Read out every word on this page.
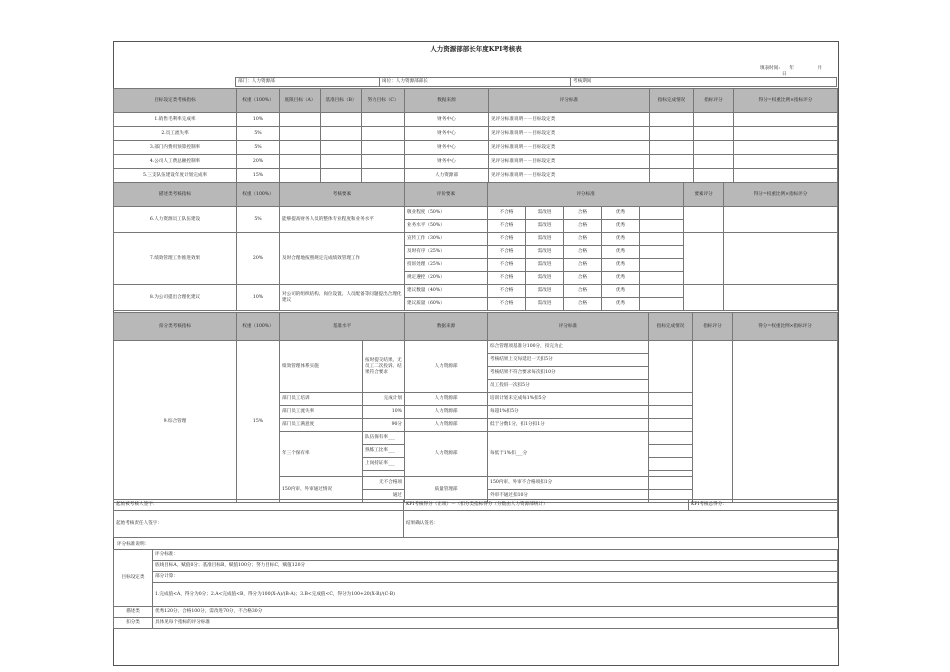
人力资源部部长年度KPI考核表
填表时间: 年	月 日
部门：人力资源部	岗位：人力资源部部长	考核期间
目标设定类考核指标	权重（100%）	底限目标（A）	基准目标（B）	努力目标（C）	数据来源	评分标准	指标完成情况	指标评分	得分=权重比例×指标评分
1.销售毛利率完成率	10%				财务中心	见评分标准说明－－目标设定类			
2.员工流失率	5%				财务中心	见评分标准说明－－目标设定类			
3.部门内费用预算控制率	5%				财务中心	见评分标准说明－－目标设定类			
4.公司人工费总额控制率	20%				财务中心	见评分标准说明－－目标设定类			
5.三支队伍建设年度计划完成率	15%				人力资源部	见评分标准说明－－目标设定类			
描述类考核指标	权重（100%）	考核要素	评价要素	评分标准					要素评分	得分=权重比例×指标评分
6.人力资源员工队伍建设	5%	能够提高财务人员的整体专业程度和业务水平	敬业程度（50%）	不合格	需改进	合格	优秀			
			业务水平（50%）	不合格	需改进	合格	优秀			
7.绩效管理工作推进效果	20%	及时合理地按照规定完成绩效管理工作	宣传工作（30%）	不合格	需改进	合格	优秀			
			及时有序（25%）	不合格	需改进	合格	优秀			
			投诉处理（25%）	不合格	需改进	合格	优秀			
			规定遵控（20%）	不合格	需改进	合格	优秀			
8.为公司提出合理化建议	10%	对公司的组织结构、岗位设置、人员配备等问题提出合理化建议	建议数量（40%）	不合格	需改进	合格	优秀			
			建议质量（60%）	不合格	需改进	合格	优秀			
扣分类考核指标	权重（100%）	基准水平		数据来源	评分标准	指标完成情况	指标评分	得分=权重比例×指标评分
9.综合管理	15%	绩效管理体系实施	按时提交结果、无员工二次投诉、结果符合要求	人力资源部	综合管理项基准分100分，扣完为止			
					考核结果上交每延迟一天扣5分			
					考核结果不符合要求每次扣10分			
					员工投诉一次扣5分			
		部门员工培训	完成计划	人力资源部	培训计划未完成每1%扣5分			
		部门员工流失率	10%	人力资源部	每超1%扣5分			
		部门员工满意度	90分	人力资源部	低于分数1分，扣1分扣1分			
		年三个保有率	队伍保有率___	人力资源部	每低于1%扣___分			
			熟练工比率___					
			上岗持证率___					

		150内审、外审通过情况	无不合格项	质量管理部	150内审、外审不合格项扣1分			
			通过		外审不通过扣10分			
起始被考核人签字：	KPI考核得分（正项）－（扣分类指标得分（分数由人力资源部统计）	KPI考核总得分：
起始考核责任人签字：	结果确认签名：	
评分标准说明：
目标设定类	评分标准：
	底线目标A，赋值0分；基准目标B，赋值100分；努力目标C，赋值120分
	部分计算：
	1.完成值<A，得分为0分；2.A<完成值<B，得分为100(X-A)/(B-A)；3.B<完成值<C，得分为100+20(X-B)/(C-B)
描述类	优秀120分，合格100分，需改进70分，不合格30分
扣分类	具体见每个指标的评分标准
